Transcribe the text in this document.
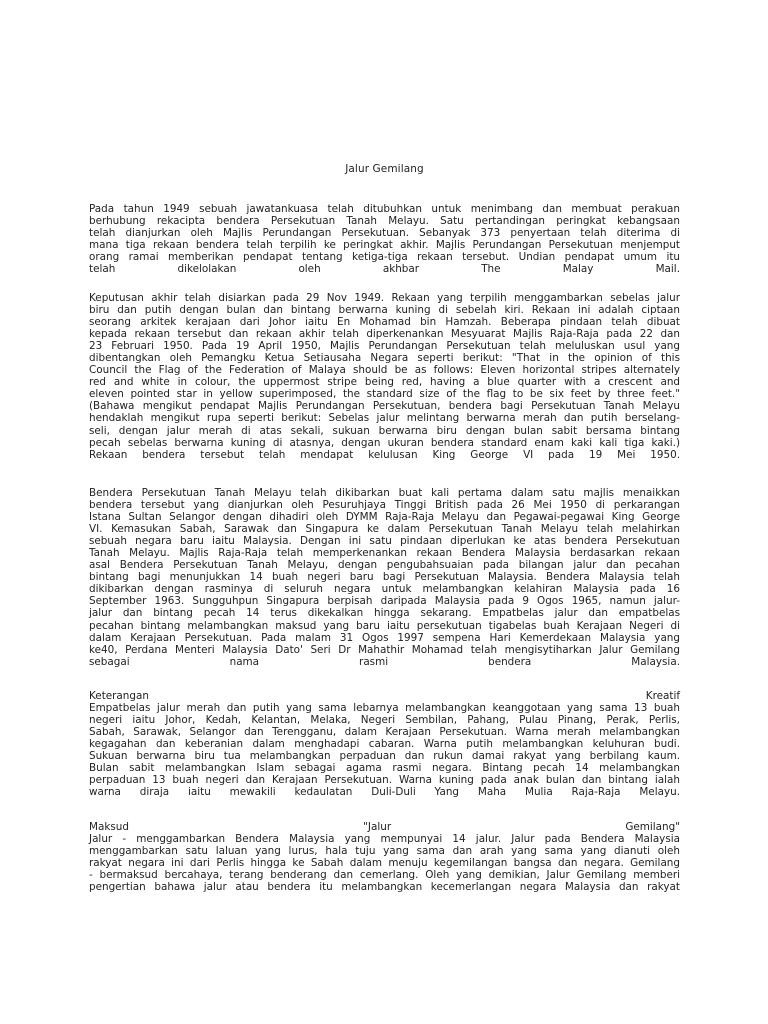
Jalur Gemilang
Pada tahun 1949 sebuah jawatankuasa telah ditubuhkan untuk menimbang dan membuat perakuan
berhubung rekacipta bendera Persekutuan Tanah Melayu. Satu pertandingan peringkat kebangsaan
telah dianjurkan oleh Majlis Perundangan Persekutuan. Sebanyak 373 penyertaan telah diterima di
mana tiga rekaan bendera telah terpilih ke peringkat akhir. Majlis Perundangan Persekutuan menjemput
orang ramai memberikan pendapat tentang ketiga-tiga rekaan tersebut. Undian pendapat umum itu
telah dikelolakan oleh akhbar The Malay Mail.
Keputusan akhir telah disiarkan pada 29 Nov 1949. Rekaan yang terpilih menggambarkan sebelas jalur
biru dan putih dengan bulan dan bintang berwarna kuning di sebelah kiri. Rekaan ini adalah ciptaan
seorang arkitek kerajaan dari Johor iaitu En Mohamad bin Hamzah. Beberapa pindaan telah dibuat
kepada rekaan tersebut dan rekaan akhir telah diperkenankan Mesyuarat Majlis Raja-Raja pada 22 dan
23 Februari 1950. Pada 19 April 1950, Majlis Perundangan Persekutuan telah meluluskan usul yang
dibentangkan oleh Pemangku Ketua Setiausaha Negara seperti berikut: "That in the opinion of this
Council the Flag of the Federation of Malaya should be as follows: Eleven horizontal stripes alternately
red and white in colour, the uppermost stripe being red, having a blue quarter with a crescent and
eleven pointed star in yellow superimposed, the standard size of the flag to be six feet by three feet."
(Bahawa mengikut pendapat Majlis Perundangan Persekutuan, bendera bagi Persekutuan Tanah Melayu
hendaklah mengikut rupa seperti berikut: Sebelas jalur melintang berwarna merah dan putih berselang-
seli, dengan jalur merah di atas sekali, sukuan berwarna biru dengan bulan sabit bersama bintang
pecah sebelas berwarna kuning di atasnya, dengan ukuran bendera standard enam kaki kali tiga kaki.)
Rekaan bendera tersebut telah mendapat kelulusan King George VI pada 19 Mei 1950.
Bendera Persekutuan Tanah Melayu telah dikibarkan buat kali pertama dalam satu majlis menaikkan
bendera tersebut yang dianjurkan oleh Pesuruhjaya Tinggi British pada 26 Mei 1950 di perkarangan
Istana Sultan Selangor dengan dihadiri oleh DYMM Raja-Raja Melayu dan Pegawai-pegawai King George
VI. Kemasukan Sabah, Sarawak dan Singapura ke dalam Persekutuan Tanah Melayu telah melahirkan
sebuah negara baru iaitu Malaysia. Dengan ini satu pindaan diperlukan ke atas bendera Persekutuan
Tanah Melayu. Majlis Raja-Raja telah memperkenankan rekaan Bendera Malaysia berdasarkan rekaan
asal Bendera Persekutuan Tanah Melayu, dengan pengubahsuaian pada bilangan jalur dan pecahan
bintang bagi menunjukkan 14 buah negeri baru bagi Persekutuan Malaysia. Bendera Malaysia telah
dikibarkan dengan rasminya di seluruh negara untuk melambangkan kelahiran Malaysia pada 16
September 1963. Sungguhpun Singapura berpisah daripada Malaysia pada 9 Ogos 1965, namun jalur-
jalur dan bintang pecah 14 terus dikekalkan hingga sekarang. Empatbelas jalur dan empatbelas
pecahan bintang melambangkan maksud yang baru iaitu persekutuan tigabelas buah Kerajaan Negeri di
dalam Kerajaan Persekutuan. Pada malam 31 Ogos 1997 sempena Hari Kemerdekaan Malaysia yang
ke40, Perdana Menteri Malaysia Dato' Seri Dr Mahathir Mohamad telah mengisytiharkan Jalur Gemilang
sebagai nama rasmi bendera Malaysia.
Keterangan Kreatif
Empatbelas jalur merah dan putih yang sama lebarnya melambangkan keanggotaan yang sama 13 buah
negeri iaitu Johor, Kedah, Kelantan, Melaka, Negeri Sembilan, Pahang, Pulau Pinang, Perak, Perlis,
Sabah, Sarawak, Selangor dan Terengganu, dalam Kerajaan Persekutuan. Warna merah melambangkan
kegagahan dan keberanian dalam menghadapi cabaran. Warna putih melambangkan keluhuran budi.
Sukuan berwarna biru tua melambangkan perpaduan dan rukun damai rakyat yang berbilang kaum.
Bulan sabit melambangkan Islam sebagai agama rasmi negara. Bintang pecah 14 melambangkan
perpaduan 13 buah negeri dan Kerajaan Persekutuan. Warna kuning pada anak bulan dan bintang ialah
warna diraja iaitu mewakili kedaulatan Duli-Duli Yang Maha Mulia Raja-Raja Melayu.
Maksud "Jalur Gemilang"
Jalur - menggambarkan Bendera Malaysia yang mempunyai 14 jalur. Jalur pada Bendera Malaysia
menggambarkan satu laluan yang lurus, hala tuju yang sama dan arah yang sama yang dianuti oleh
rakyat negara ini dari Perlis hingga ke Sabah dalam menuju kegemilangan bangsa dan negara. Gemilang
- bermaksud bercahaya, terang benderang dan cemerlang. Oleh yang demikian, Jalur Gemilang memberi
pengertian bahawa jalur atau bendera itu melambangkan kecemerlangan negara Malaysia dan rakyat
